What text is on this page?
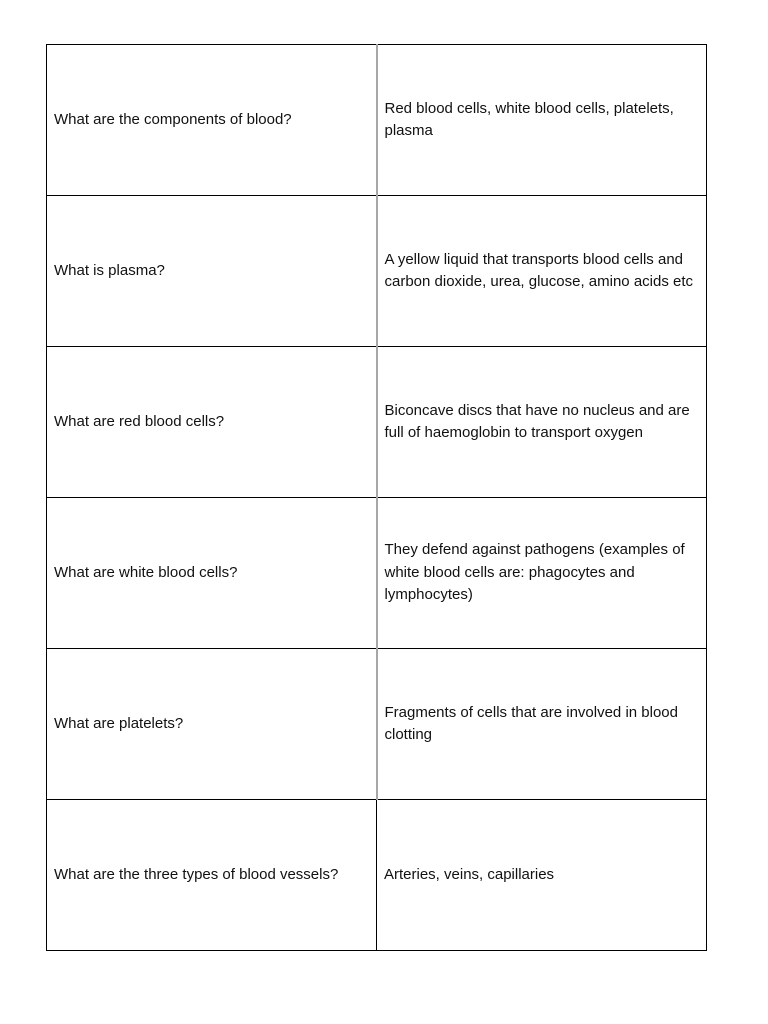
What are the components of blood?	Red blood cells, white blood cells, platelets, plasma
What is plasma?	A yellow liquid that transports blood cells and carbon dioxide, urea, glucose, amino acids etc
What are red blood cells?	Biconcave discs that have no nucleus and are full of haemoglobin to transport oxygen
What are white blood cells?	They defend against pathogens (examples of white blood cells are: phagocytes and lymphocytes)
What are platelets?	Fragments of cells that are involved in blood clotting
What are the three types of blood vessels?	Arteries, veins, capillaries
